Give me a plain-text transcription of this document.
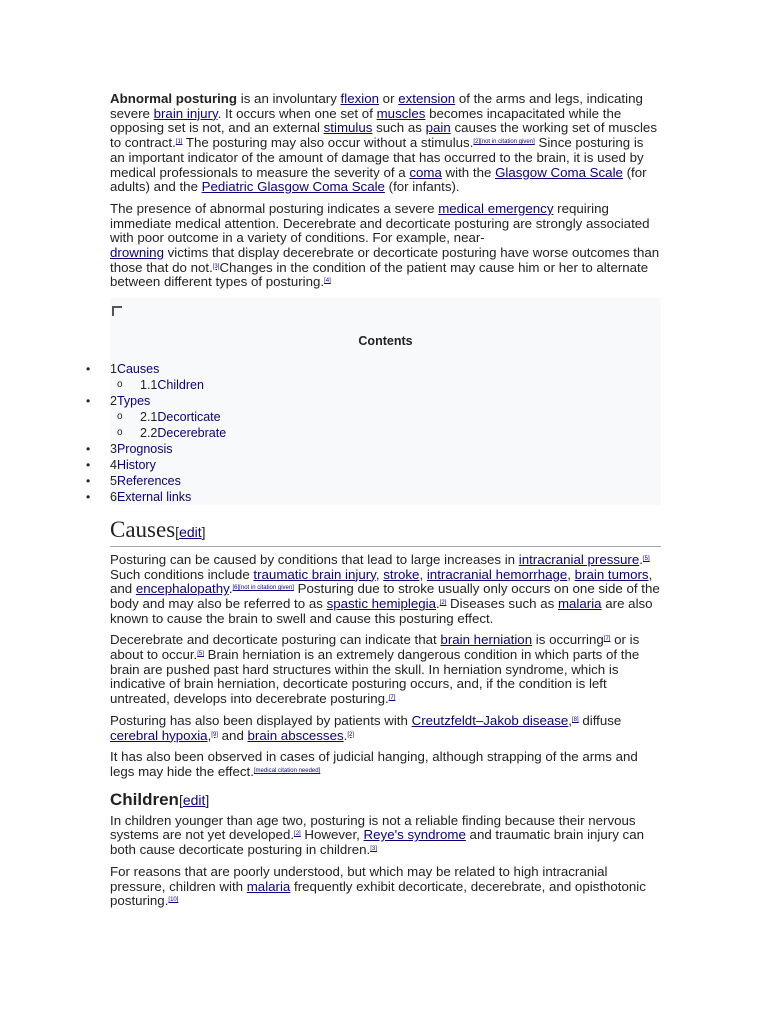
Abnormal posturing is an involuntary flexion or extension of the arms and legs, indicating severe brain injury. It occurs when one set of muscles becomes incapacitated while the opposing set is not, and an external stimulus such as pain causes the working set of muscles to contract.[1] The posturing may also occur without a stimulus.[2][not in citation given] Since posturing is an important indicator of the amount of damage that has occurred to the brain, it is used by medical professionals to measure the severity of a coma with the Glasgow Coma Scale (for adults) and the Pediatric Glasgow Coma Scale (for infants).

The presence of abnormal posturing indicates a severe medical emergency requiring immediate medical attention. Decerebrate and decorticate posturing are strongly associated with poor outcome in a variety of conditions. For example, near-
drowning victims that display decerebrate or decorticate posturing have worse outcomes than those that do not.[3]Changes in the condition of the patient may cause him or her to alternate between different types of posturing.[4]

Contents
•	1Causes
o	1.1Children
•	2Types
o	2.1Decorticate
o	2.2Decerebrate
•	3Prognosis
•	4History
•	5References
•	6External links
Causes[edit]

Posturing can be caused by conditions that lead to large increases in intracranial pressure.[5] Such conditions include traumatic brain injury, stroke, intracranial hemorrhage, brain tumors, and encephalopathy.[6][not in citation given] Posturing due to stroke usually only occurs on one side of the body and may also be referred to as spastic hemiplegia.[2] Diseases such as malaria are also known to cause the brain to swell and cause this posturing effect.

Decerebrate and decorticate posturing can indicate that brain herniation is occurring[7] or is about to occur.[5] Brain herniation is an extremely dangerous condition in which parts of the brain are pushed past hard structures within the skull. In herniation syndrome, which is indicative of brain herniation, decorticate posturing occurs, and, if the condition is left untreated, develops into decerebrate posturing.[7]

Posturing has also been displayed by patients with Creutzfeldt–Jakob disease,[8] diffuse cerebral hypoxia,[9] and brain abscesses.[2]

It has also been observed in cases of judicial hanging, although strapping of the arms and legs may hide the effect.[medical citation needed]

Children[edit]

In children younger than age two, posturing is not a reliable finding because their nervous systems are not yet developed.[2] However, Reye's syndrome and traumatic brain injury can both cause decorticate posturing in children.[3]

For reasons that are poorly understood, but which may be related to high intracranial pressure, children with malaria frequently exhibit decorticate, decerebrate, and opisthotonic posturing.[10]
